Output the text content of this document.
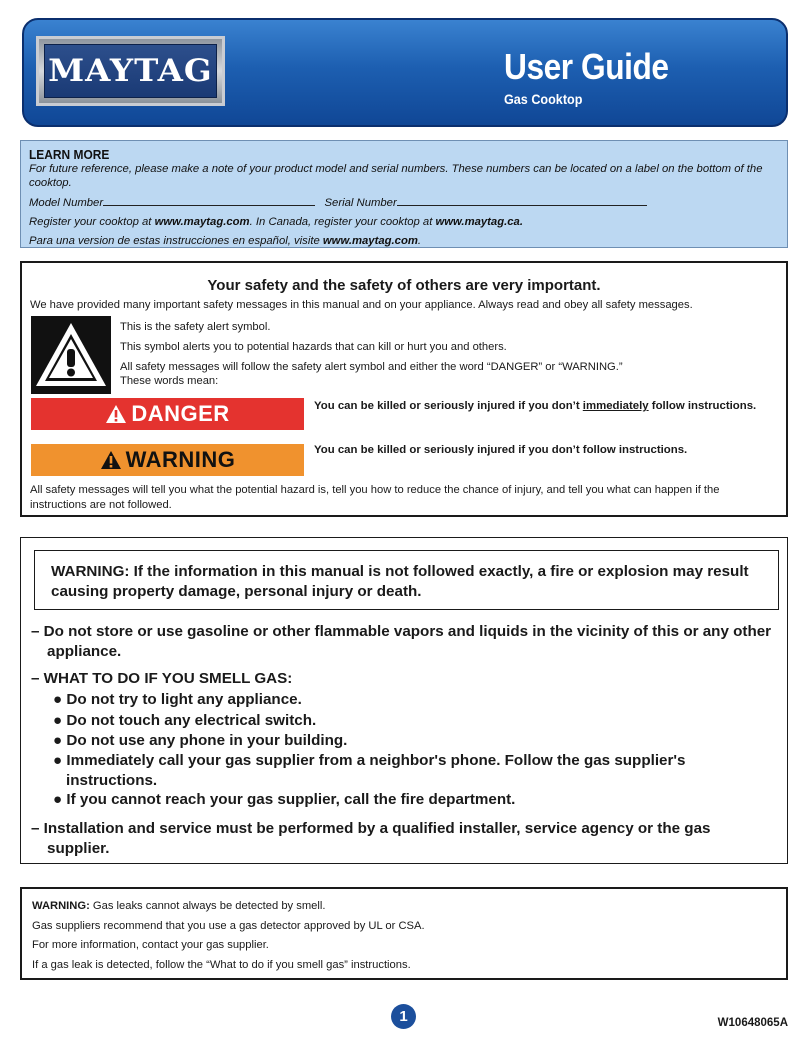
MAYTAG	User Guide
Gas Cooktop
LEARN MORE

For future reference, please make a note of your product model and serial numbers. These numbers can be located on a label on the bottom of the cooktop.

Model Number	Serial Number

Register your cooktop at www.maytag.com. In Canada, register your cooktop at www.maytag.ca.

Para una version de estas instrucciones en español, visite www.maytag.com.

Your safety and the safety of others are very important.
We have provided many important safety messages in this manual and on your appliance. Always read and obey all safety messages.
This is the safety alert symbol.
This symbol alerts you to potential hazards that can kill or hurt you and others.
All safety messages will follow the safety alert symbol and either the word “DANGER” or “WARNING.”
These words mean:
DANGER	You can be killed or seriously injured if you don’t immediately follow instructions.
WARNING	You can be killed or seriously injured if you don’t follow instructions.
All safety messages will tell you what the potential hazard is, tell you how to reduce the chance of injury, and tell you what can happen if the instructions are not followed.
WARNING: If the information in this manual is not followed exactly, a fire or explosion may result causing property damage, personal injury or death.
– Do not store or use gasoline or other flammable vapors and liquids in the vicinity of this or any other appliance.
– WHAT TO DO IF YOU SMELL GAS:
● Do not try to light any appliance.
● Do not touch any electrical switch.
● Do not use any phone in your building.
● Immediately call your gas supplier from a neighbor's phone. Follow the gas supplier's instructions.
● If you cannot reach your gas supplier, call the fire department.
– Installation and service must be performed by a qualified installer, service agency or the gas supplier.
WARNING: Gas leaks cannot always be detected by smell.
Gas suppliers recommend that you use a gas detector approved by UL or CSA.
For more information, contact your gas supplier.
If a gas leak is detected, follow the “What to do if you smell gas” instructions.
1	W10648065A
